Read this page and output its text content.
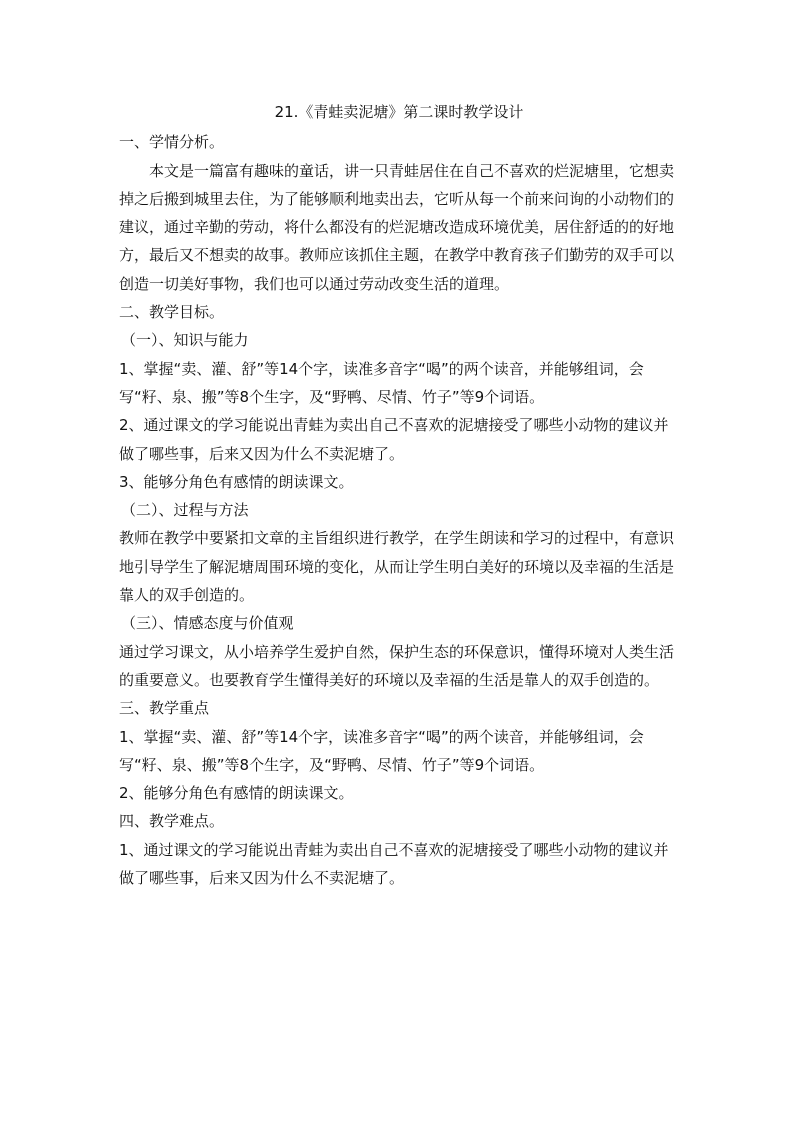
21.《青蛙卖泥塘》第二课时教学设计

一、学情分析。

本文是一篇富有趣味的童话，讲一只青蛙居住在自己不喜欢的烂泥塘里，它想卖掉之后搬到城里去住，为了能够顺利地卖出去，它听从每一个前来问询的小动物们的建议，通过辛勤的劳动，将什么都没有的烂泥塘改造成环境优美，居住舒适的的好地方，最后又不想卖的故事。教师应该抓住主题，在教学中教育孩子们勤劳的双手可以创造一切美好事物，我们也可以通过劳动改变生活的道理。

二、教学目标。

（一）、知识与能力

1、掌握“卖、灌、舒”等14个字，读准多音字“喝”的两个读音，并能够组词，会写“籽、泉、搬”等8个生字，及“野鸭、尽情、竹子”等9个词语。

2、通过课文的学习能说出青蛙为卖出自己不喜欢的泥塘接受了哪些小动物的建议并做了哪些事，后来又因为什么不卖泥塘了。

3、能够分角色有感情的朗读课文。

（二）、过程与方法

教师在教学中要紧扣文章的主旨组织进行教学，在学生朗读和学习的过程中，有意识地引导学生了解泥塘周围环境的变化，从而让学生明白美好的环境以及幸福的生活是靠人的双手创造的。

（三）、情感态度与价值观

通过学习课文，从小培养学生爱护自然，保护生态的环保意识，懂得环境对人类生活的重要意义。也要教育学生懂得美好的环境以及幸福的生活是靠人的双手创造的。

三、教学重点

1、掌握“卖、灌、舒”等14个字，读准多音字“喝”的两个读音，并能够组词，会写“籽、泉、搬”等8个生字，及“野鸭、尽情、竹子”等9个词语。

2、能够分角色有感情的朗读课文。

四、教学难点。

1、通过课文的学习能说出青蛙为卖出自己不喜欢的泥塘接受了哪些小动物的建议并做了哪些事，后来又因为什么不卖泥塘了。
